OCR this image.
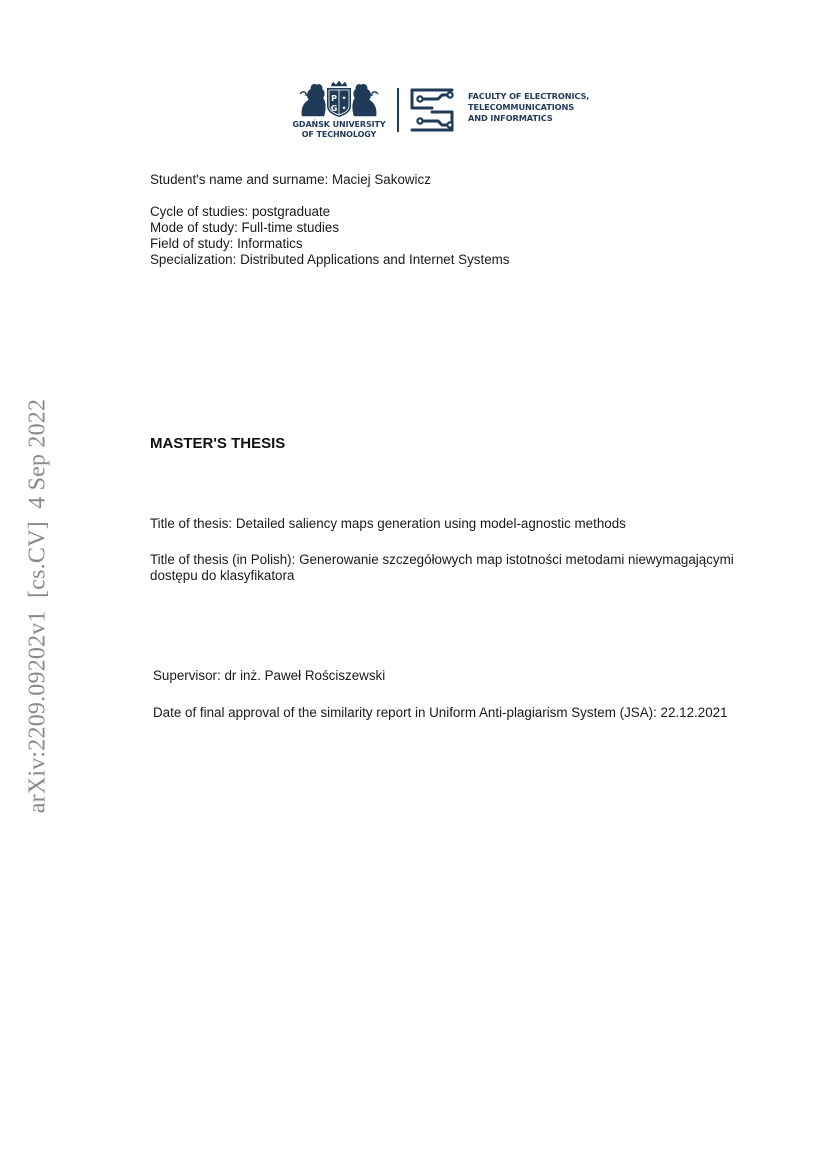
P
G
✦
✦
GDAŃSK UNIVERSITY
OF TECHNOLOGY
FACULTY OF ELECTRONICS,
TELECOMMUNICATIONS
AND INFORMATICS
Student's name and surname: Maciej Sakowicz
Cycle of studies: postgraduate
Mode of study: Full-time studies
Field of study: Informatics
Specialization: Distributed Applications and Internet Systems
MASTER'S THESIS
Title of thesis: Detailed saliency maps generation using model-agnostic methods
Title of thesis (in Polish): Generowanie szczegółowych map istotności metodami niewymagającymi dostępu do klasyfikatora
Supervisor: dr inż. Paweł Rościszewski
Date of final approval of the similarity report in Uniform Anti-plagiarism System (JSA): 22.12.2021
arXiv:2209.09202v1  [cs.CV]  4 Sep 2022
